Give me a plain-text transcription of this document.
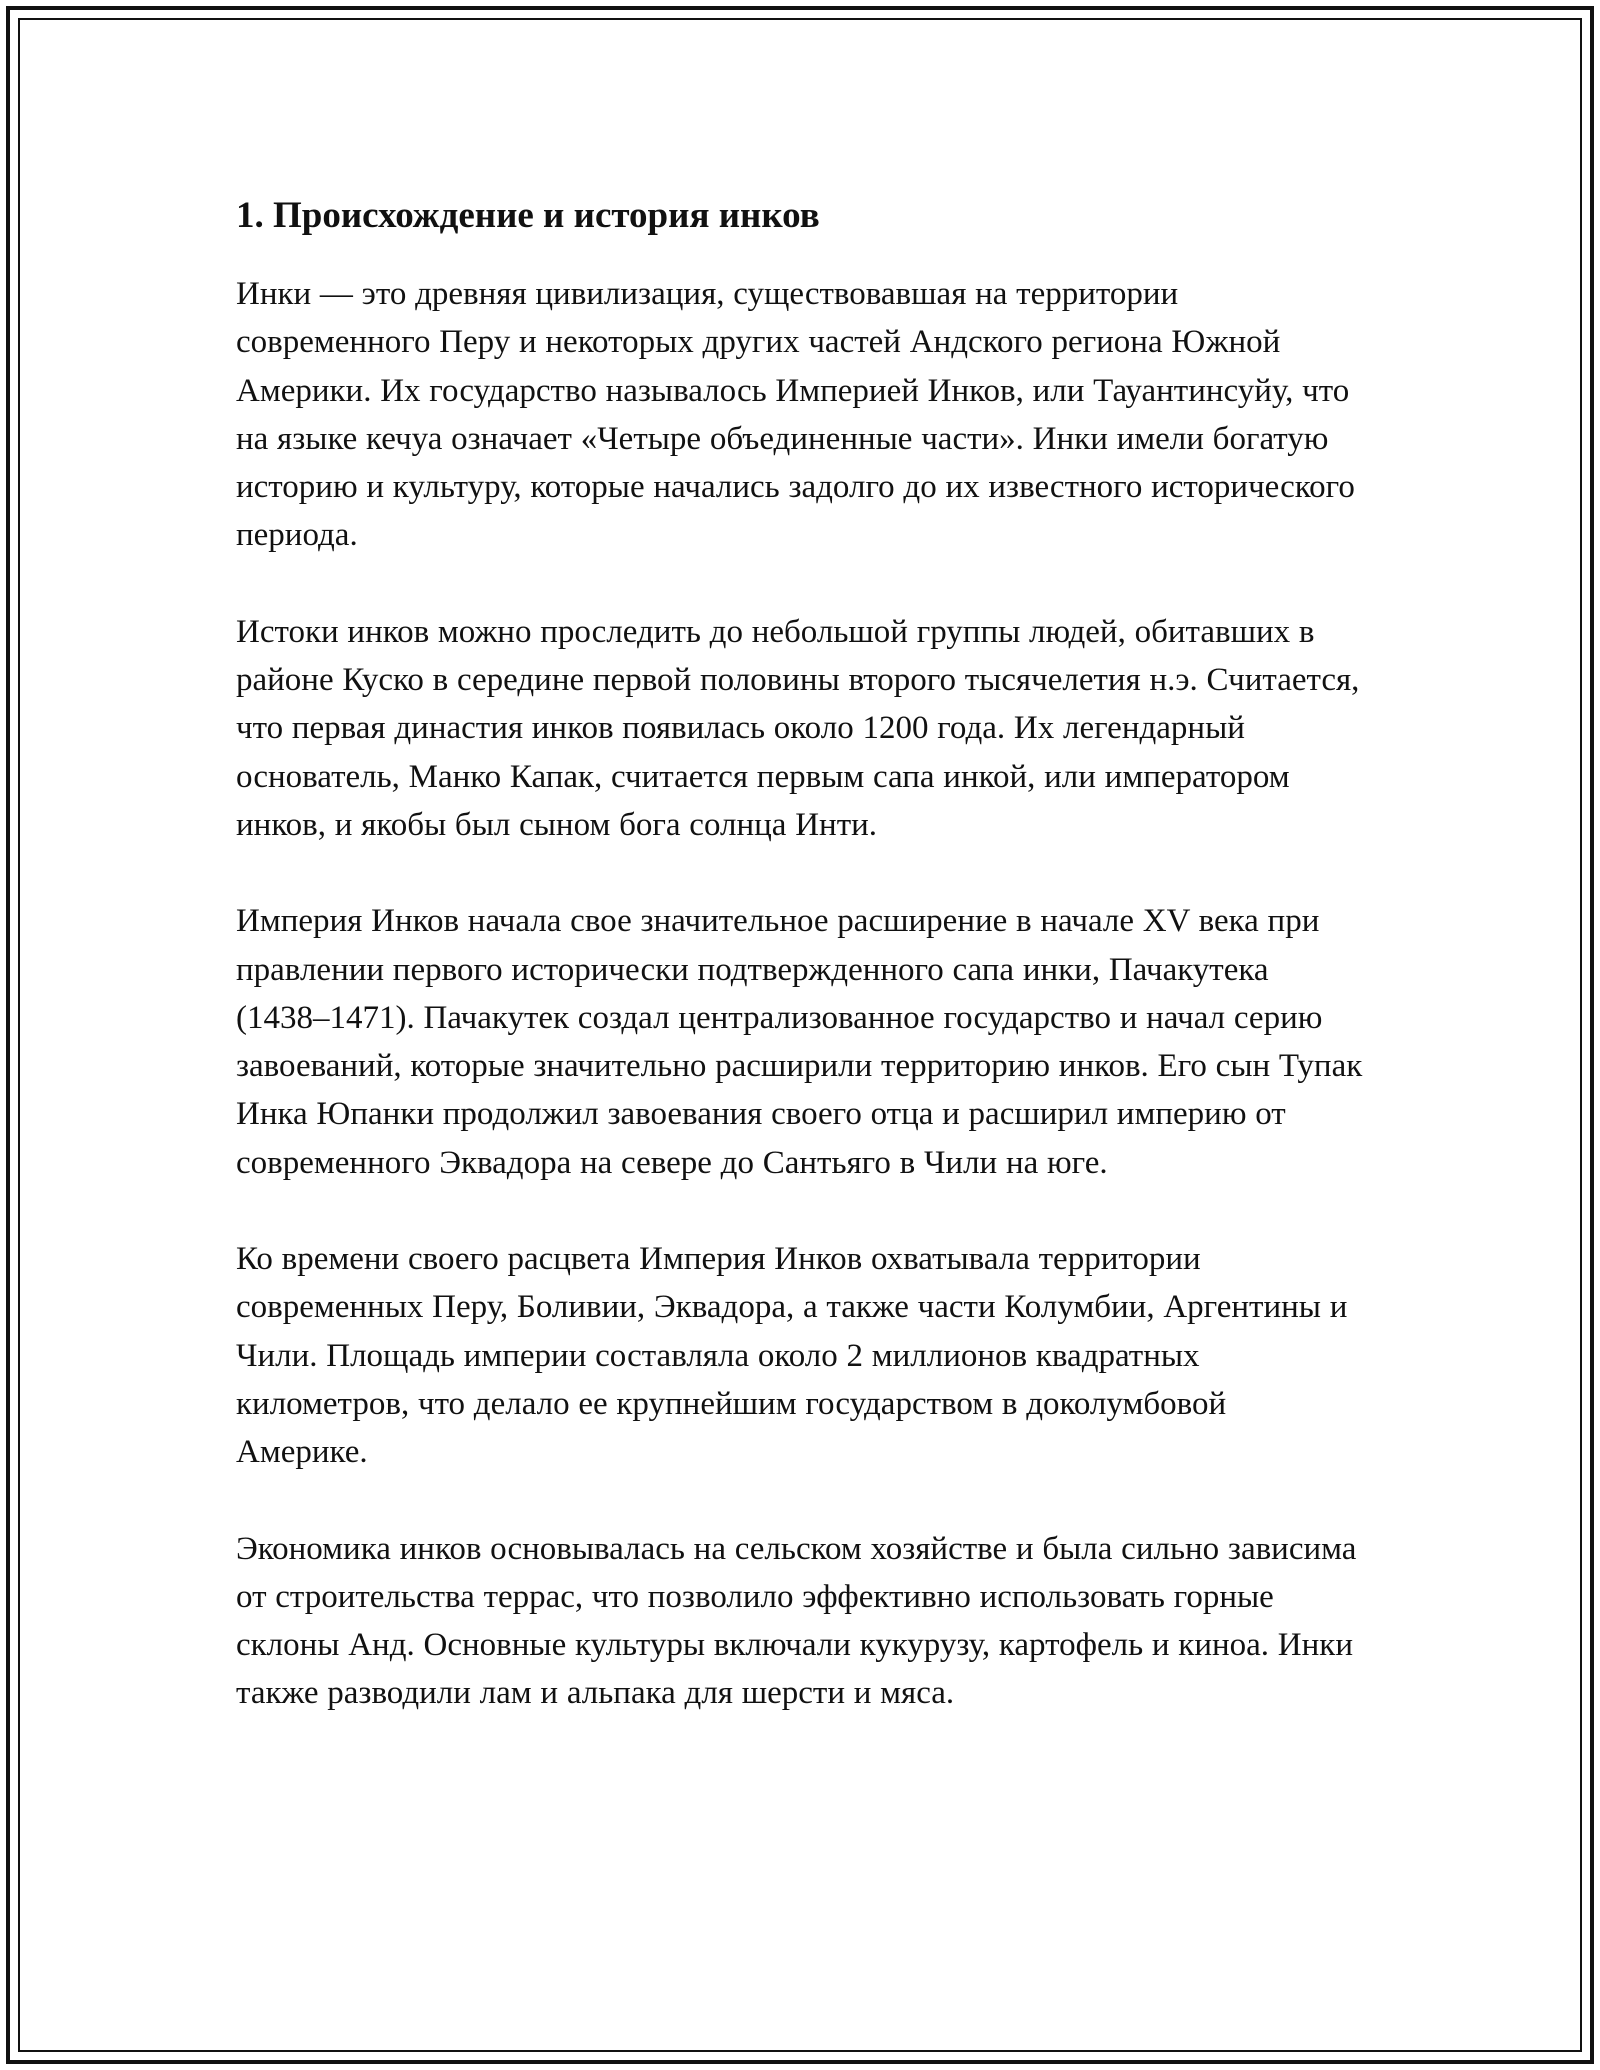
1. Происхождение и история инков

Инки — это древняя цивилизация, существовавшая на территории современного Перу и некоторых других частей Андского региона Южной Америки. Их государство называлось Империей Инков, или Тауантинсуйу, что на языке кечуа означает «Четыре объединенные части». Инки имели богатую историю и культуру, которые начались задолго до их известного исторического периода.

Истоки инков можно проследить до небольшой группы людей, обитавших в районе Куско в середине первой половины второго тысячелетия н.э. Считается, что первая династия инков появилась около 1200 года. Их легендарный основатель, Манко Капак, считается первым сапа инкой, или императором инков, и якобы был сыном бога солнца Инти.

Империя Инков начала свое значительное расширение в начале XV века при правлении первого исторически подтвержденного сапа инки, Пачакутека (1438–1471). Пачакутек создал централизованное государство и начал серию завоеваний, которые значительно расширили территорию инков. Его сын Тупак Инка Юпанки продолжил завоевания своего отца и расширил империю от современного Эквадора на севере до Сантьяго в Чили на юге.

Ко времени своего расцвета Империя Инков охватывала территории современных Перу, Боливии, Эквадора, а также части Колумбии, Аргентины и Чили. Площадь империи составляла около 2 миллионов квадратных километров, что делало ее крупнейшим государством в доколумбовой Америке.

Экономика инков основывалась на сельском хозяйстве и была сильно зависима от строительства террас, что позволило эффективно использовать горные склоны Анд. Основные культуры включали кукурузу, картофель и киноа. Инки также разводили лам и альпака для шерсти и мяса.
